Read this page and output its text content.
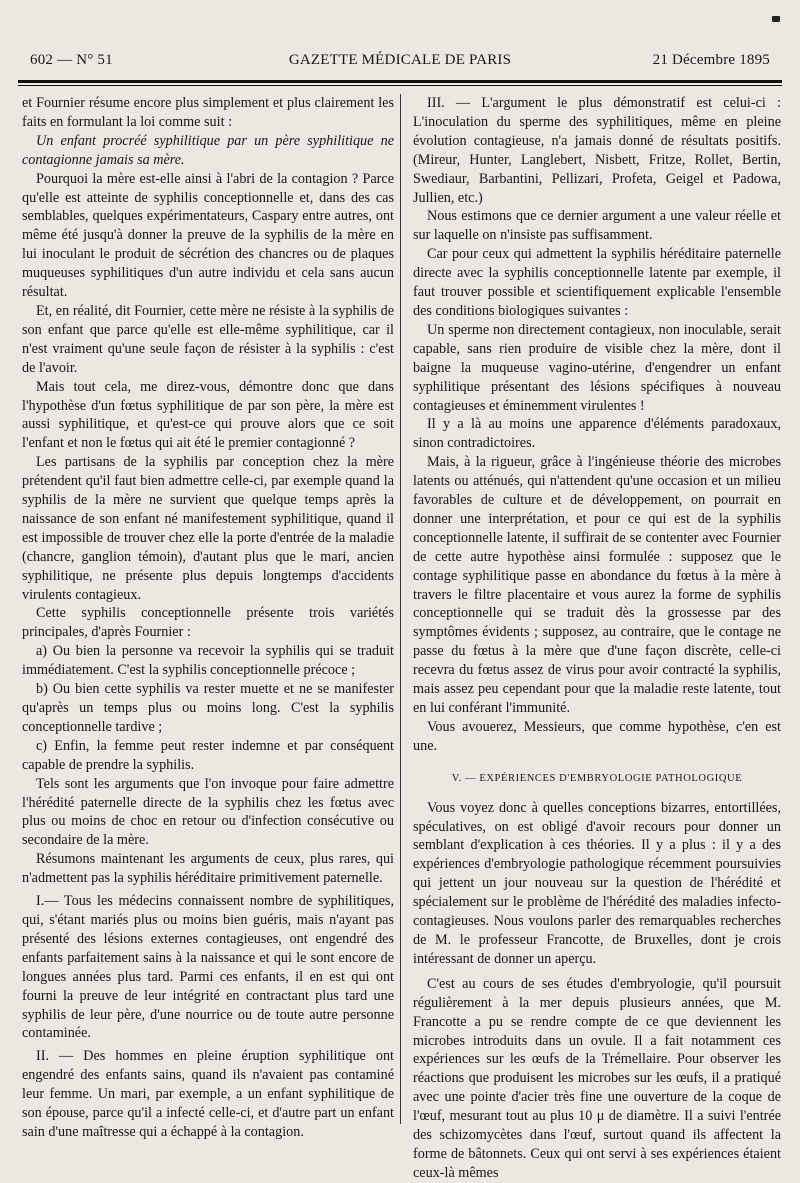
602 — N° 51	GAZETTE MÉDICALE DE PARIS	21 Décembre 1895

et Fournier résume encore plus simplement et plus clairement les faits en formulant la loi comme suit :

Un enfant procréé syphilitique par un père syphilitique ne contagionne jamais sa mère.

Pourquoi la mère est-elle ainsi à l'abri de la contagion ? Parce qu'elle est atteinte de syphilis conceptionnelle et, dans des cas semblables, quelques expérimentateurs, Caspary entre autres, ont même été jusqu'à donner la preuve de la syphilis de la mère en lui inoculant le produit de sécrétion des chancres ou de plaques muqueuses syphilitiques d'un autre individu et cela sans aucun résultat.

Et, en réalité, dit Fournier, cette mère ne résiste à la syphilis de son enfant que parce qu'elle est elle-même syphilitique, car il n'est vraiment qu'une seule façon de résister à la syphilis : c'est de l'avoir.

Mais tout cela, me direz-vous, démontre donc que dans l'hypothèse d'un fœtus syphilitique de par son père, la mère est aussi syphilitique, et qu'est-ce qui prouve alors que ce soit l'enfant et non le fœtus qui ait été le premier contagionné ?

Les partisans de la syphilis par conception chez la mère prétendent qu'il faut bien admettre celle-ci, par exemple quand la syphilis de la mère ne survient que quelque temps après la naissance de son enfant né manifestement syphilitique, quand il est impossible de trouver chez elle la porte d'entrée de la maladie (chancre, ganglion témoin), d'autant plus que le mari, ancien syphilitique, ne présente plus depuis longtemps d'accidents virulents contagieux.

Cette syphilis conceptionnelle présente trois variétés principales, d'après Fournier :

a) Ou bien la personne va recevoir la syphilis qui se traduit immédiatement. C'est la syphilis conceptionnelle précoce ;

b) Ou bien cette syphilis va rester muette et ne se manifester qu'après un temps plus ou moins long. C'est la syphilis conceptionnelle tardive ;

c) Enfin, la femme peut rester indemne et par conséquent capable de prendre la syphilis.

Tels sont les arguments que l'on invoque pour faire admettre l'hérédité paternelle directe de la syphilis chez les fœtus avec plus ou moins de choc en retour ou d'infection consécutive ou secondaire de la mère.

Résumons maintenant les arguments de ceux, plus rares, qui n'admettent pas la syphilis héréditaire primitivement paternelle.

I.— Tous les médecins connaissent nombre de syphilitiques, qui, s'étant mariés plus ou moins bien guéris, mais n'ayant pas présenté des lésions externes contagieuses, ont engendré des enfants parfaitement sains à la naissance et qui le sont encore de longues années plus tard. Parmi ces enfants, il en est qui ont fourni la preuve de leur intégrité en contractant plus tard une syphilis de leur père, d'une nourrice ou de toute autre personne contaminée.

II. — Des hommes en pleine éruption syphilitique ont engendré des enfants sains, quand ils n'avaient pas contaminé leur femme. Un mari, par exemple, a un enfant syphilitique de son épouse, parce qu'il a infecté celle-ci, et d'autre part un enfant sain d'une maîtresse qui a échappé à la contagion.

III. — L'argument le plus démonstratif est celui-ci : L'inoculation du sperme des syphilitiques, même en pleine évolution contagieuse, n'a jamais donné de résultats positifs. (Mireur, Hunter, Langlebert, Nisbett, Fritze, Rollet, Bertin, Swediaur, Barbantini, Pellizari, Profeta, Geigel et Padowa, Jullien, etc.)

Nous estimons que ce dernier argument a une valeur réelle et sur laquelle on n'insiste pas suffisamment.

Car pour ceux qui admettent la syphilis héréditaire paternelle directe avec la syphilis conceptionnelle latente par exemple, il faut trouver possible et scientifiquement explicable l'ensemble des conditions biologiques suivantes :

Un sperme non directement contagieux, non inoculable, serait capable, sans rien produire de visible chez la mère, dont il baigne la muqueuse vagino-utérine, d'engendrer un enfant syphilitique présentant des lésions spécifiques à nouveau contagieuses et éminemment virulentes !

Il y a là au moins une apparence d'éléments paradoxaux, sinon contradictoires.

Mais, à la rigueur, grâce à l'ingénieuse théorie des microbes latents ou atténués, qui n'attendent qu'une occasion et un milieu favorables de culture et de développement, on pourrait en donner une interprétation, et pour ce qui est de la syphilis conceptionnelle latente, il suffirait de se contenter avec Fournier de cette autre hypothèse ainsi formulée : supposez que le contage syphilitique passe en abondance du fœtus à la mère à travers le filtre placentaire et vous aurez la forme de syphilis conceptionnelle qui se traduit dès la grossesse par des symptômes évidents ; supposez, au contraire, que le contage ne passe du fœtus à la mère que d'une façon discrète, celle-ci recevra du fœtus assez de virus pour avoir contracté la syphilis, mais assez peu cependant pour que la maladie reste latente, tout en lui conférant l'immunité.

Vous avouerez, Messieurs, que comme hypothèse, c'en est une.

V. — EXPÉRIENCES D'EMBRYOLOGIE PATHOLOGIQUE

Vous voyez donc à quelles conceptions bizarres, entortillées, spéculatives, on est obligé d'avoir recours pour donner un semblant d'explication à ces théories. Il y a plus : il y a des expériences d'embryologie pathologique récemment poursuivies qui jettent un jour nouveau sur la question de l'hérédité et spécialement sur le problème de l'hérédité des maladies infecto-contagieuses. Nous voulons parler des remarquables recherches de M. le professeur Francotte, de Bruxelles, dont je crois intéressant de donner un aperçu.

C'est au cours de ses études d'embryologie, qu'il poursuit régulièrement à la mer depuis plusieurs années, que M. Francotte a pu se rendre compte de ce que deviennent les microbes introduits dans un ovule. Il a fait notamment ces expériences sur les œufs de la Trémellaire. Pour observer les réactions que produisent les microbes sur les œufs, il a pratiqué avec une pointe d'acier très fine une ouverture de la coque de l'œuf, mesurant tout au plus 10 μ de diamètre. Il a suivi l'entrée des schizomycètes dans l'œuf, surtout quand ils affectent la forme de bâtonnets. Ceux qui ont servi à ses expériences étaient ceux-là mêmes
